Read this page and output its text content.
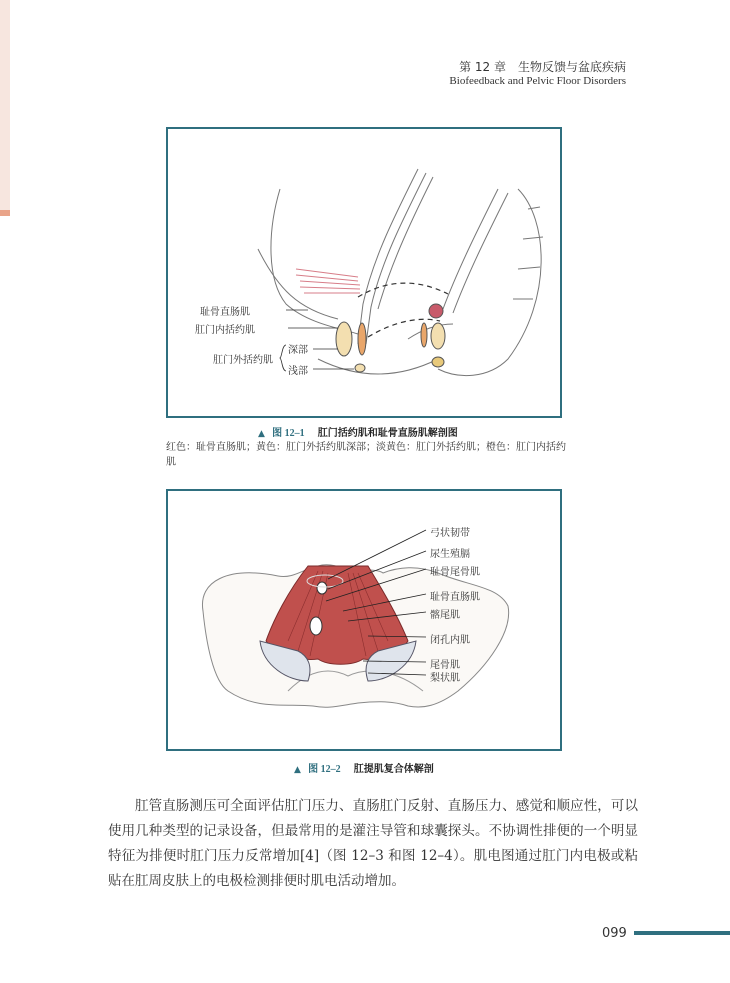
第 12 章　生物反馈与盆底疾病
Biofeedback and Pelvic Floor Disorders
耻骨直肠肌
肛门内括约肌
肛门外括约肌
深部
浅部
▲ 图 12–1 肛门括约肌和耻骨直肠肌解剖图
红色：耻骨直肠肌；黄色：肛门外括约肌深部；淡黄色：肛门外括约肌；橙色：肛门内括约肌
弓状韧带
尿生殖膈
耻骨尾骨肌
耻骨直肠肌
髂尾肌
闭孔内肌
尾骨肌
梨状肌
▲ 图 12–2 肛提肌复合体解剖

肛管直肠测压可全面评估肛门压力、直肠肛门反射、直肠压力、感觉和顺应性，可以使用几种类型的记录设备，但最常用的是灌注导管和球囊探头。不协调性排便的一个明显特征为排便时肛门压力反常增加[4]（图 12–3 和图 12–4）。肌电图通过肛门内电极或粘贴在肛周皮肤上的电极检测排便时肌电活动增加。

099
